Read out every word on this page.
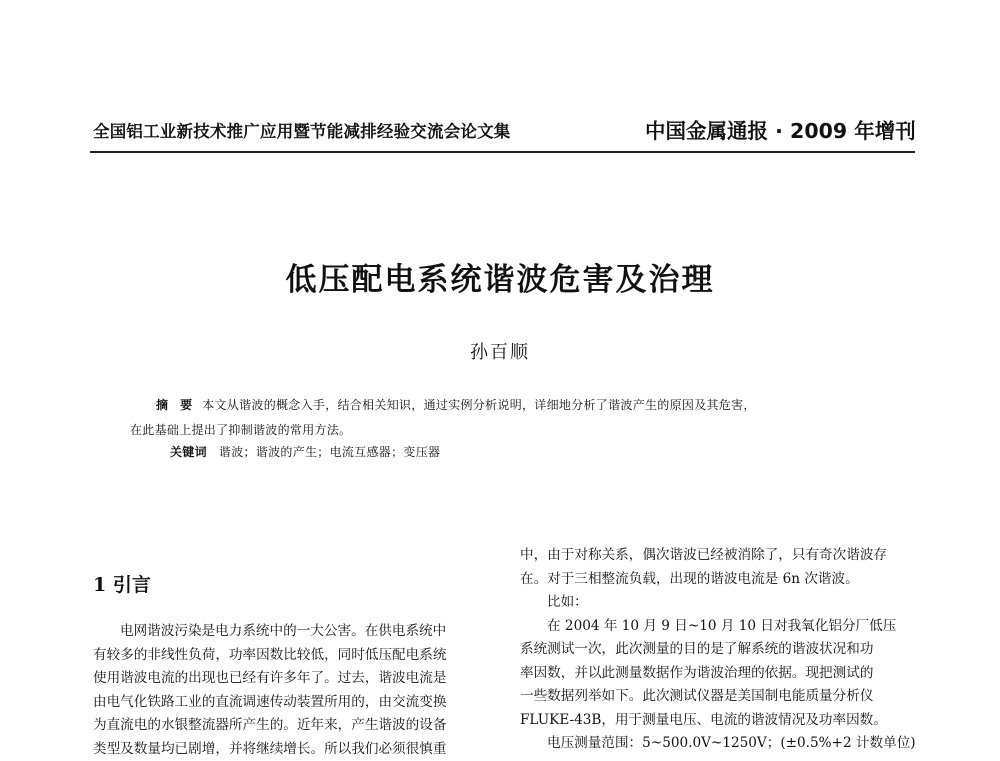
全国铝工业新技术推广应用暨节能减排经验交流会论文集	中国金属通报 · 2009 年增刊
低压配电系统谐波危害及治理
孙百顺

摘 要 本文从谐波的概念入手，结合相关知识，通过实例分析说明，详细地分析了谐波产生的原因及其危害，

在此基础上提出了抑制谐波的常用方法。

关键词 谐波；谐波的产生；电流互感器；变压器
1 引言

电网谐波污染是电力系统中的一大公害。在供电系统中

有较多的非线性负荷，功率因数比较低，同时低压配电系统

使用谐波电流的出现也已经有许多年了。过去，谐波电流是

由电气化铁路工业的直流调速传动装置所用的，由交流变换

为直流电的水银整流器所产生的。近年来，产生谐波的设备

类型及数量均已剧增，并将继续增长。所以我们必须很慎重

中，由于对称关系，偶次谐波已经被消除了，只有奇次谐波存

在。对于三相整流负载，出现的谐波电流是 6n 次谐波。

比如：

在 2004 年 10 月 9 日~10 月 10 日对我氧化铝分厂低压

系统测试一次，此次测量的目的是了解系统的谐波状况和功

率因数，并以此测量数据作为谐波治理的依据。现把测试的

一些数据列举如下。此次测试仪器是美国制电能质量分析仪

FLUKE-43B，用于测量电压、电流的谐波情况及功率因数。

电压测量范围：5~500.0V~1250V；(±0.5%+2 计数单位)
